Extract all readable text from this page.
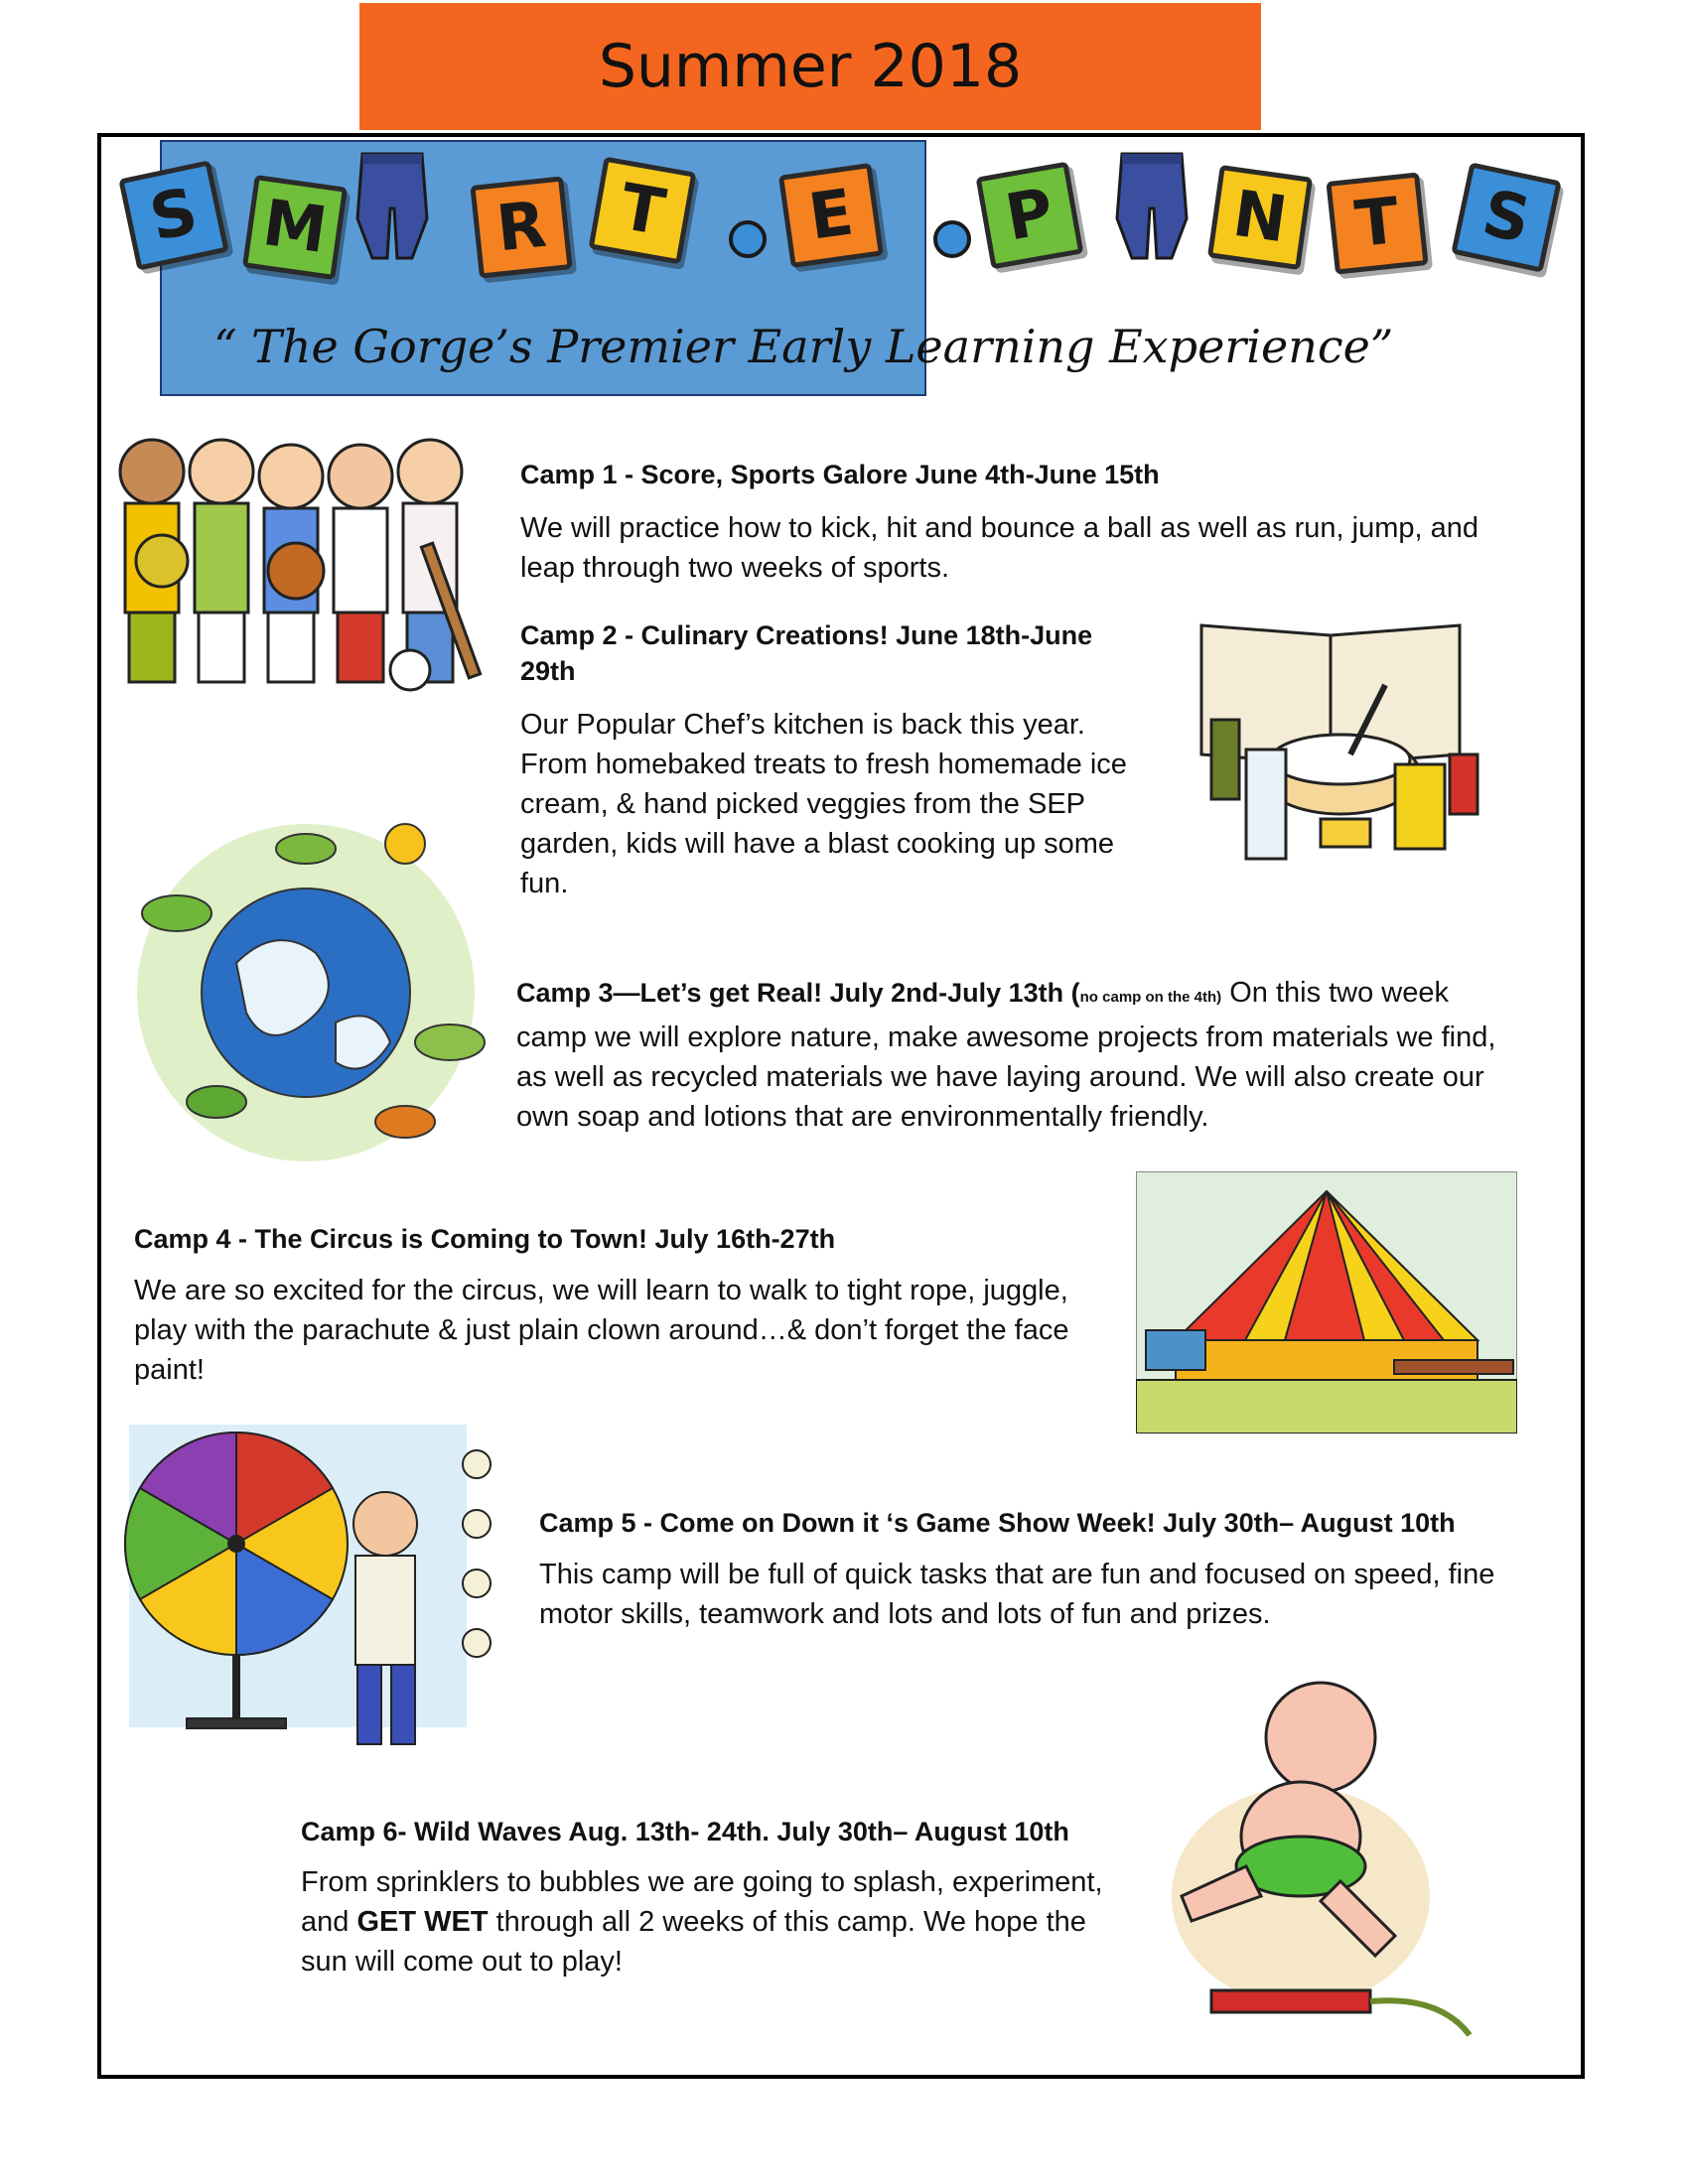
Summer 2018
S M	R T E P	N T S
“ The Gorge’s Premier Early Learning Experience”
Camp 1 - Score, Sports Galore June 4th-June 15th
We will practice how to kick, hit and bounce a ball as well as run, jump, and leap through two weeks of sports.
Camp 2 - Culinary Creations! June 18th-June 29th
Our Popular Chef’s kitchen is back this year. From homebaked treats to fresh homemade ice cream, & hand picked veggies from the SEP garden, kids will have a blast cooking up some fun.
Camp 3—Let’s get Real! July 2nd-July 13th (no camp on the 4th) On this two week camp we will explore nature, make awesome projects from materials we find, as well as recycled materials we have laying around. We will also create our own soap and lotions that are environmentally friendly.
Camp 4 - The Circus is Coming to Town! July 16th-27th
We are so excited for the circus, we will learn to walk to tight rope, juggle, play with the parachute & just plain clown around…& don’t forget the face paint!
Camp 5 - Come on Down it ‘s Game Show Week! July 30th– August 10th
This camp will be full of quick tasks that are fun and focused on speed, fine motor skills, teamwork and lots and lots of fun and prizes.
Camp 6- Wild Waves Aug. 13th- 24th. July 30th– August 10th
From sprinklers to bubbles we are going to splash, experiment, and GET WET through all 2 weeks of this camp. We hope the sun will come out to play!
